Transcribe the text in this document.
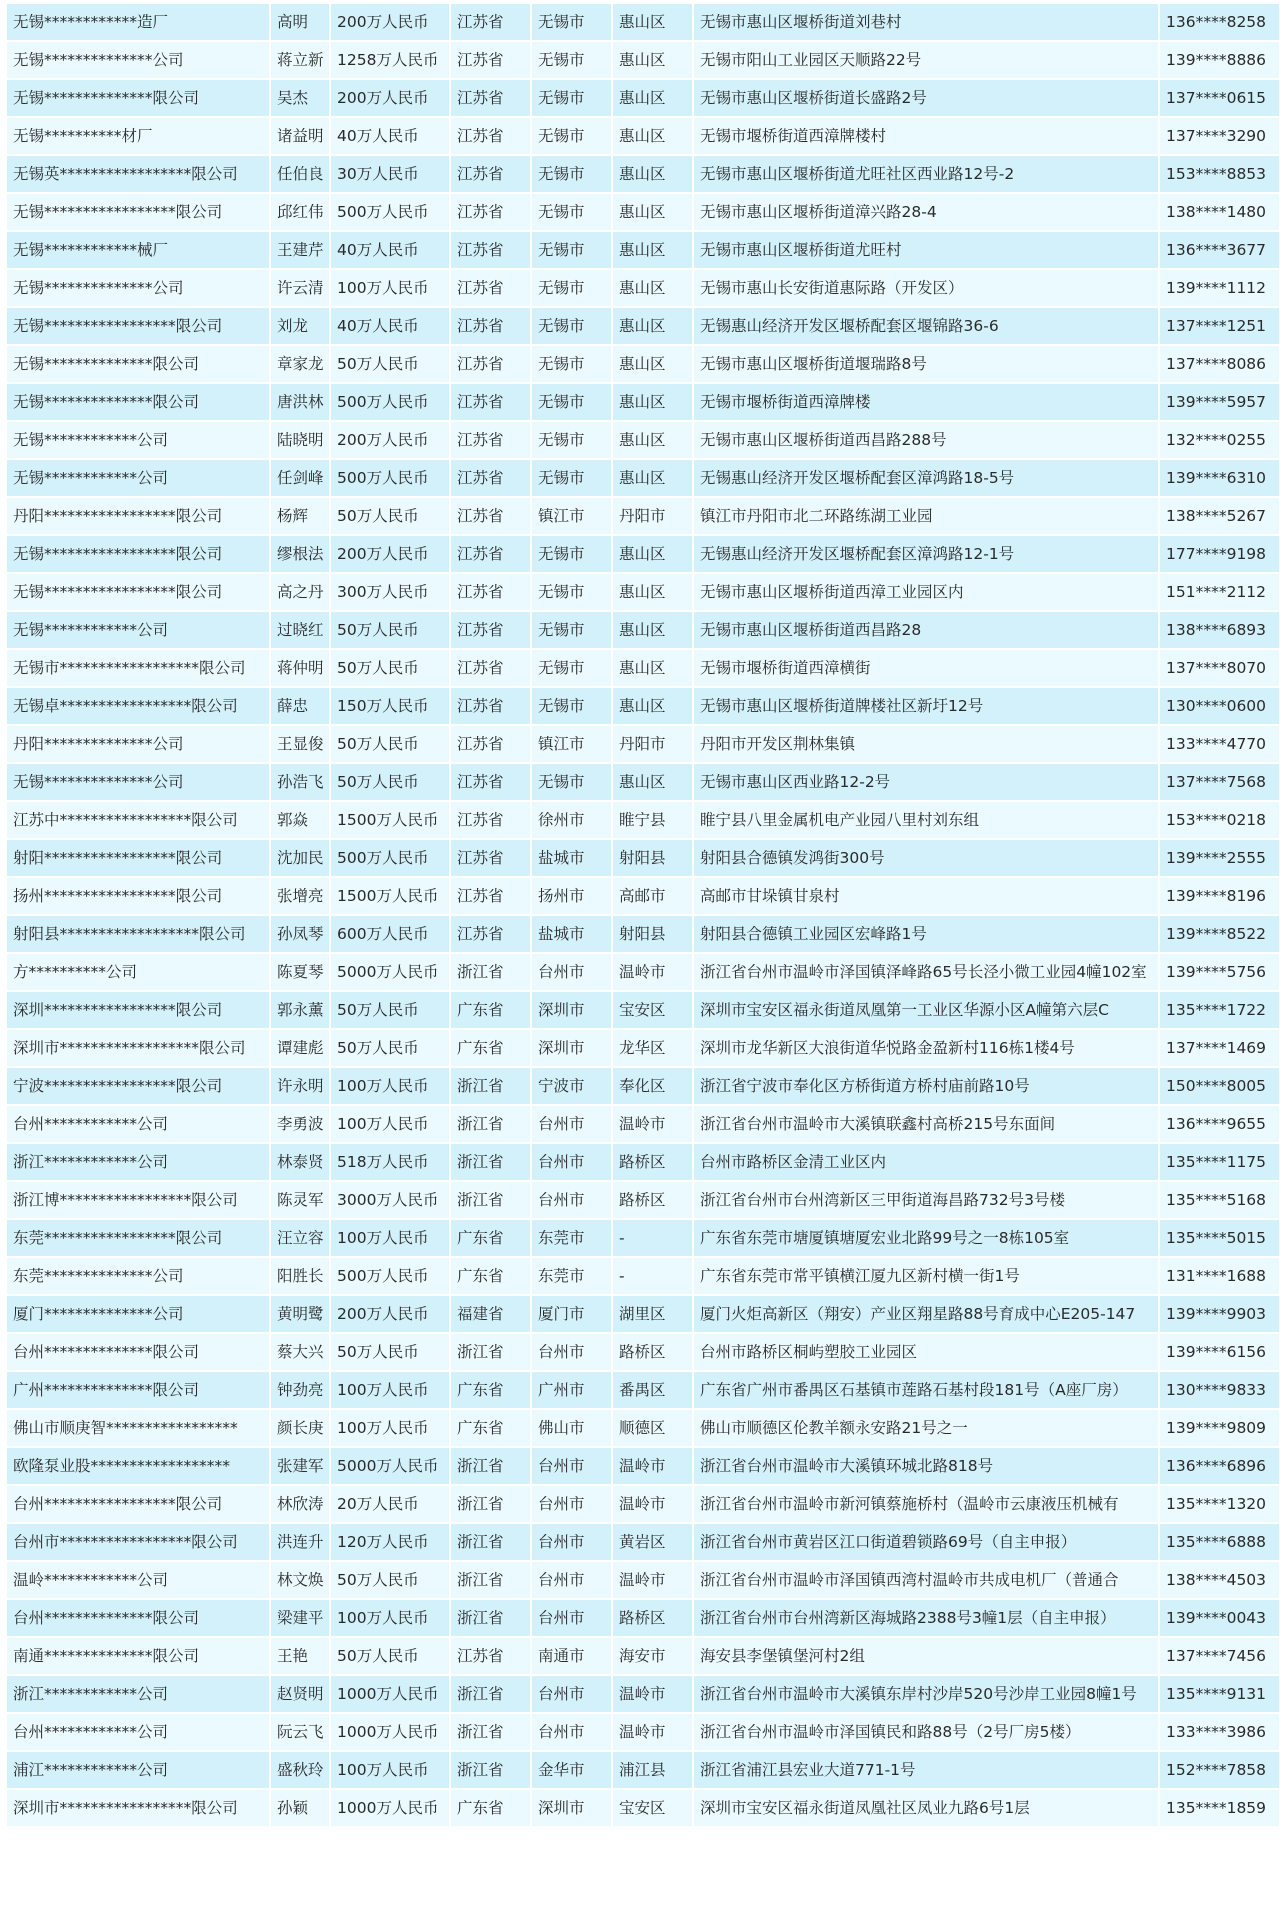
无锡************造厂	高明	200万人民币	江苏省	无锡市	惠山区	无锡市惠山区堰桥街道刘巷村	136****8258
无锡**************公司	蒋立新	1258万人民币	江苏省	无锡市	惠山区	无锡市阳山工业园区天顺路22号	139****8886
无锡**************限公司	吴杰	200万人民币	江苏省	无锡市	惠山区	无锡市惠山区堰桥街道长盛路2号	137****0615
无锡**********材厂	诸益明	40万人民币	江苏省	无锡市	惠山区	无锡市堰桥街道西漳牌楼村	137****3290
无锡英*****************限公司	任伯良	30万人民币	江苏省	无锡市	惠山区	无锡市惠山区堰桥街道尤旺社区西业路12号-2	153****8853
无锡*****************限公司	邱红伟	500万人民币	江苏省	无锡市	惠山区	无锡市惠山区堰桥街道漳兴路28-4	138****1480
无锡************械厂	王建芹	40万人民币	江苏省	无锡市	惠山区	无锡市惠山区堰桥街道尤旺村	136****3677
无锡**************公司	许云清	100万人民币	江苏省	无锡市	惠山区	无锡市惠山长安街道惠际路（开发区）	139****1112
无锡*****************限公司	刘龙	40万人民币	江苏省	无锡市	惠山区	无锡惠山经济开发区堰桥配套区堰锦路36-6	137****1251
无锡**************限公司	章家龙	50万人民币	江苏省	无锡市	惠山区	无锡市惠山区堰桥街道堰瑞路8号	137****8086
无锡**************限公司	唐洪林	500万人民币	江苏省	无锡市	惠山区	无锡市堰桥街道西漳牌楼	139****5957
无锡************公司	陆晓明	200万人民币	江苏省	无锡市	惠山区	无锡市惠山区堰桥街道西昌路288号	132****0255
无锡************公司	任剑峰	500万人民币	江苏省	无锡市	惠山区	无锡惠山经济开发区堰桥配套区漳鸿路18-5号	139****6310
丹阳*****************限公司	杨辉	50万人民币	江苏省	镇江市	丹阳市	镇江市丹阳市北二环路练湖工业园	138****5267
无锡*****************限公司	缪根法	200万人民币	江苏省	无锡市	惠山区	无锡惠山经济开发区堰桥配套区漳鸿路12-1号	177****9198
无锡*****************限公司	高之丹	300万人民币	江苏省	无锡市	惠山区	无锡市惠山区堰桥街道西漳工业园区内	151****2112
无锡************公司	过晓红	50万人民币	江苏省	无锡市	惠山区	无锡市惠山区堰桥街道西昌路28	138****6893
无锡市******************限公司	蒋仲明	50万人民币	江苏省	无锡市	惠山区	无锡市堰桥街道西漳横街	137****8070
无锡卓*****************限公司	薛忠	150万人民币	江苏省	无锡市	惠山区	无锡市惠山区堰桥街道牌楼社区新圩12号	130****0600
丹阳**************公司	王显俊	50万人民币	江苏省	镇江市	丹阳市	丹阳市开发区荆林集镇	133****4770
无锡**************公司	孙浩飞	50万人民币	江苏省	无锡市	惠山区	无锡市惠山区西业路12-2号	137****7568
江苏中*****************限公司	郭焱	1500万人民币	江苏省	徐州市	睢宁县	睢宁县八里金属机电产业园八里村刘东组	153****0218
射阳*****************限公司	沈加民	500万人民币	江苏省	盐城市	射阳县	射阳县合德镇发鸿街300号	139****2555
扬州*****************限公司	张增亮	1500万人民币	江苏省	扬州市	高邮市	高邮市甘垛镇甘泉村	139****8196
射阳县******************限公司	孙凤琴	600万人民币	江苏省	盐城市	射阳县	射阳县合德镇工业园区宏峰路1号	139****8522
方**********公司	陈夏琴	5000万人民币	浙江省	台州市	温岭市	浙江省台州市温岭市泽国镇泽峰路65号长泾小微工业园4幢102室	139****5756
深圳*****************限公司	郭永薰	50万人民币	广东省	深圳市	宝安区	深圳市宝安区福永街道凤凰第一工业区华源小区A幢第六层C	135****1722
深圳市******************限公司	谭建彪	50万人民币	广东省	深圳市	龙华区	深圳市龙华新区大浪街道华悦路金盈新村116栋1楼4号	137****1469
宁波*****************限公司	许永明	100万人民币	浙江省	宁波市	奉化区	浙江省宁波市奉化区方桥街道方桥村庙前路10号	150****8005
台州************公司	李勇波	100万人民币	浙江省	台州市	温岭市	浙江省台州市温岭市大溪镇联鑫村高桥215号东面间	136****9655
浙江************公司	林泰贤	518万人民币	浙江省	台州市	路桥区	台州市路桥区金清工业区内	135****1175
浙江博*****************限公司	陈灵军	3000万人民币	浙江省	台州市	路桥区	浙江省台州市台州湾新区三甲街道海昌路732号3号楼	135****5168
东莞*****************限公司	汪立容	100万人民币	广东省	东莞市	-	广东省东莞市塘厦镇塘厦宏业北路99号之一8栋105室	135****5015
东莞**************公司	阳胜长	500万人民币	广东省	东莞市	-	广东省东莞市常平镇横江厦九区新村横一街1号	131****1688
厦门**************公司	黄明鹭	200万人民币	福建省	厦门市	湖里区	厦门火炬高新区（翔安）产业区翔星路88号育成中心E205-147	139****9903
台州**************限公司	蔡大兴	50万人民币	浙江省	台州市	路桥区	台州市路桥区桐屿塑胶工业园区	139****6156
广州**************限公司	钟劲亮	100万人民币	广东省	广州市	番禺区	广东省广州市番禺区石基镇市莲路石基村段181号（A座厂房）	130****9833
佛山市顺庚智*****************	颜长庚	100万人民币	广东省	佛山市	顺德区	佛山市顺德区伦教羊额永安路21号之一	139****9809
欧隆泵业股******************	张建军	5000万人民币	浙江省	台州市	温岭市	浙江省台州市温岭市大溪镇环城北路818号	136****6896
台州*****************限公司	林欣涛	20万人民币	浙江省	台州市	温岭市	浙江省台州市温岭市新河镇蔡施桥村（温岭市云康液压机械有	135****1320
台州市*****************限公司	洪连升	120万人民币	浙江省	台州市	黄岩区	浙江省台州市黄岩区江口街道碧锁路69号（自主申报）	135****6888
温岭************公司	林文焕	50万人民币	浙江省	台州市	温岭市	浙江省台州市温岭市泽国镇西湾村温岭市共成电机厂（普通合	138****4503
台州**************限公司	梁建平	100万人民币	浙江省	台州市	路桥区	浙江省台州市台州湾新区海城路2388号3幢1层（自主申报）	139****0043
南通**************限公司	王艳	50万人民币	江苏省	南通市	海安市	海安县李堡镇堡河村2组	137****7456
浙江************公司	赵贤明	1000万人民币	浙江省	台州市	温岭市	浙江省台州市温岭市大溪镇东岸村沙岸520号沙岸工业园8幢1号	135****9131
台州************公司	阮云飞	1000万人民币	浙江省	台州市	温岭市	浙江省台州市温岭市泽国镇民和路88号（2号厂房5楼）	133****3986
浦江************公司	盛秋玲	100万人民币	浙江省	金华市	浦江县	浙江省浦江县宏业大道771-1号	152****7858
深圳市*****************限公司	孙颖	1000万人民币	广东省	深圳市	宝安区	深圳市宝安区福永街道凤凰社区凤业九路6号1层	135****1859
